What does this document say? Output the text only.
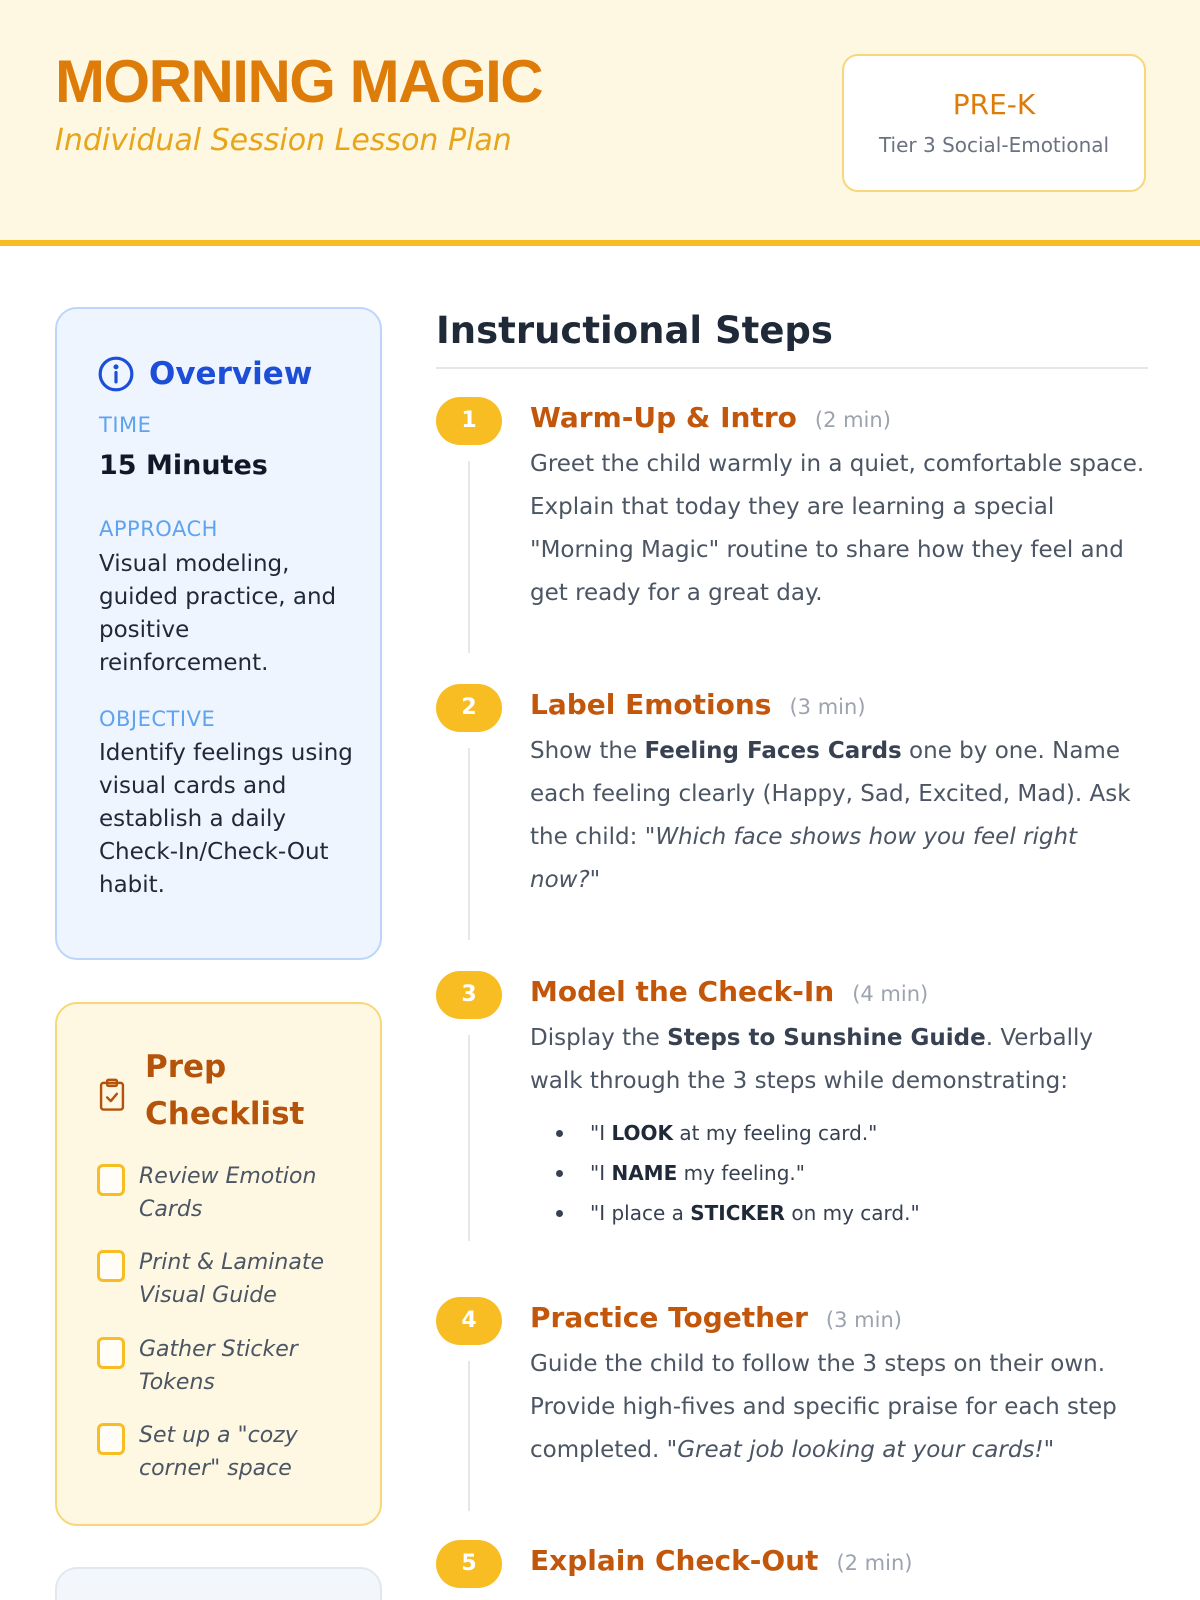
MORNING MAGIC
Individual Session Lesson Plan
PRE-K
Tier 3 Social-Emotional
Overview
TIME
15 Minutes
APPROACH
Visual modeling, guided practice, and positive reinforcement.
OBJECTIVE
Identify feelings using visual cards and establish a daily Check-In/Check-Out habit.
Prep Checklist
Review Emotion Cards
Print & Laminate Visual Guide
Gather Sticker Tokens
Set up a "cozy corner" space
Instructional Steps
1	Warm-Up & Intro (2 min)
Greet the child warmly in a quiet, comfortable space. Explain that today they are learning a special "Morning Magic" routine to share how they feel and get ready for a great day.
2	Label Emotions (3 min)
Show the Feeling Faces Cards one by one. Name each feeling clearly (Happy, Sad, Excited, Mad). Ask the child: "Which face shows how you feel right now?"
3	Model the Check-In (4 min)
Display the Steps to Sunshine Guide. Verbally walk through the 3 steps while demonstrating:
"I LOOK at my feeling card."
"I NAME my feeling."
"I place a STICKER on my card."
4	Practice Together (3 min)
Guide the child to follow the 3 steps on their own. Provide high-fives and specific praise for each step completed. "Great job looking at your cards!"
5	Explain Check-Out (2 min)
